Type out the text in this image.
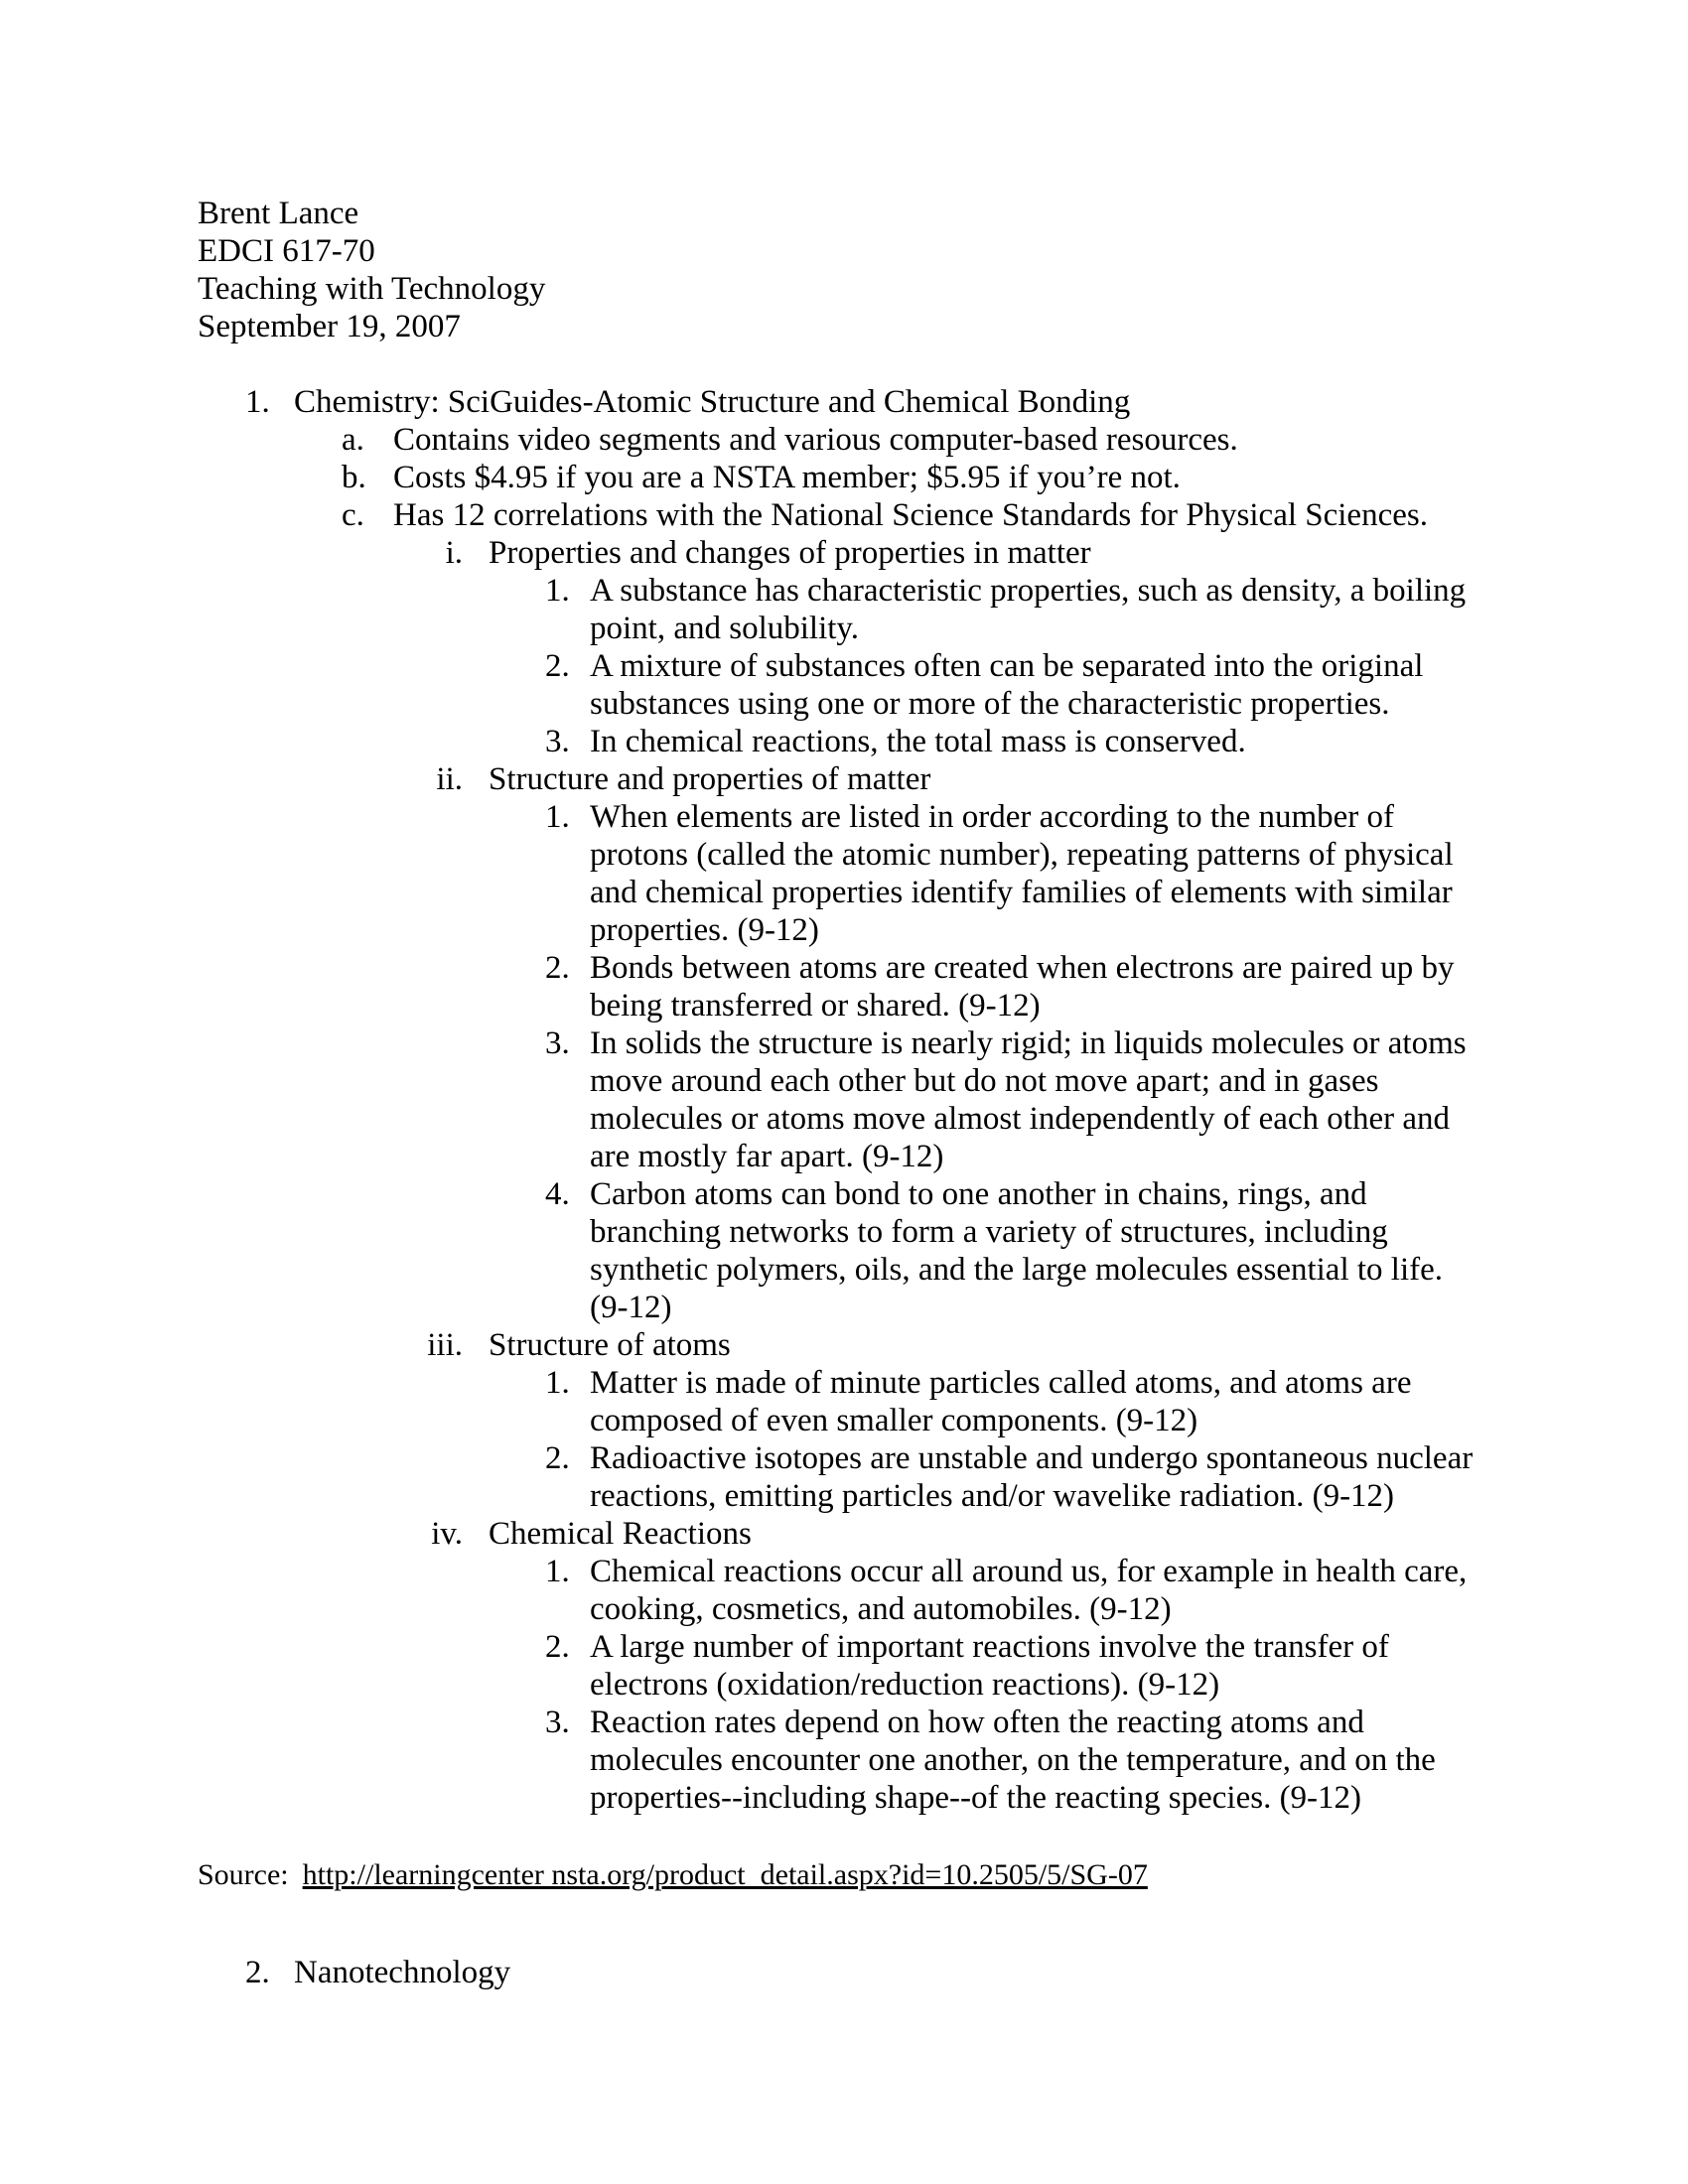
Brent Lance
EDCI 617-70
Teaching with Technology
September 19, 2007
1. Chemistry: SciGuides-Atomic Structure and Chemical Bonding
a. Contains video segments and various computer-based resources.
b. Costs $4.95 if you are a NSTA member; $5.95 if you’re not.
c. Has 12 correlations with the National Science Standards for Physical Sciences.
i. Properties and changes of properties in matter
1. A substance has characteristic properties, such as density, a boiling point, and solubility.
2. A mixture of substances often can be separated into the original substances using one or more of the characteristic properties.
3. In chemical reactions, the total mass is conserved.
ii. Structure and properties of matter
1. When elements are listed in order according to the number of protons (called the atomic number), repeating patterns of physical and chemical properties identify families of elements with similar properties. (9-12)
2. Bonds between atoms are created when electrons are paired up by being transferred or shared. (9-12)
3. In solids the structure is nearly rigid; in liquids molecules or atoms move around each other but do not move apart; and in gases molecules or atoms move almost independently of each other and are mostly far apart. (9-12)
4. Carbon atoms can bond to one another in chains, rings, and branching networks to form a variety of structures, including synthetic polymers, oils, and the large molecules essential to life. (9-12)
iii. Structure of atoms
1. Matter is made of minute particles called atoms, and atoms are composed of even smaller components. (9-12)
2. Radioactive isotopes are unstable and undergo spontaneous nuclear reactions, emitting particles and/or wavelike radiation. (9-12)
iv. Chemical Reactions
1. Chemical reactions occur all around us, for example in health care, cooking, cosmetics, and automobiles. (9-12)
2. A large number of important reactions involve the transfer of electrons (oxidation/reduction reactions). (9-12)
3. Reaction rates depend on how often the reacting atoms and molecules encounter one another, on the temperature, and on the properties--including shape--of the reacting species. (9-12)
Source: http://learningcenter nsta.org/product_detail.aspx?id=10.2505/5/SG-07
2. Nanotechnology
